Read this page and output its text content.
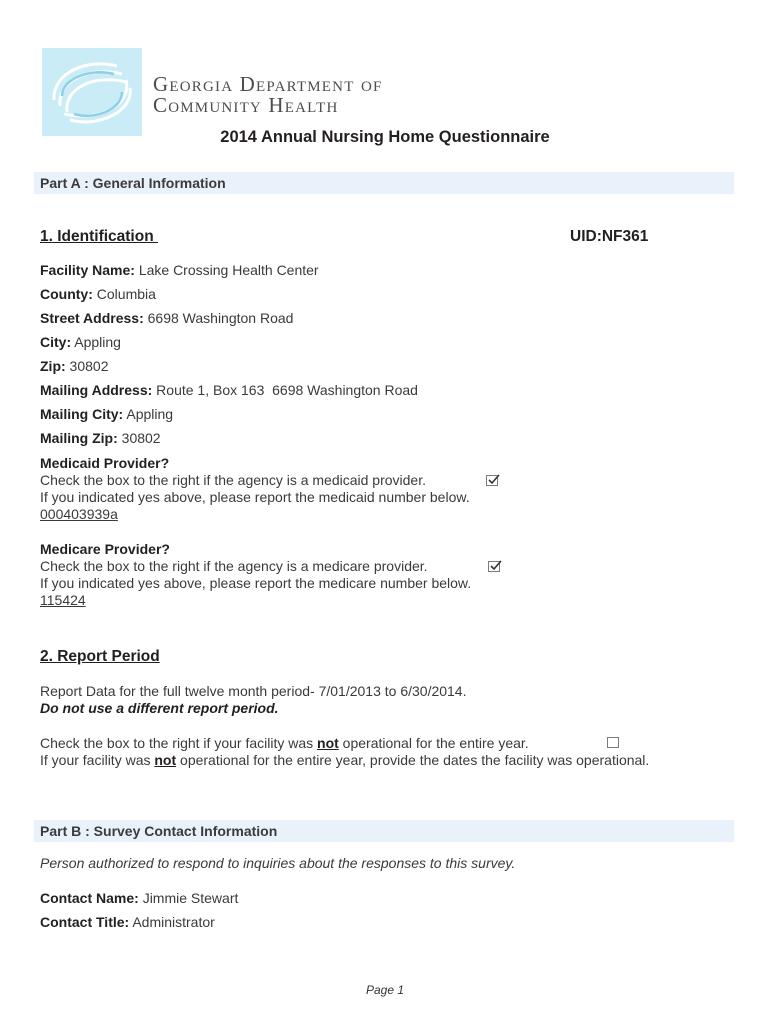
Georgia Department of
Community Health
2014 Annual Nursing Home Questionnaire
Part A : General Information
1. Identification	UID:NF361
Facility Name: Lake Crossing Health Center
County: Columbia
Street Address: 6698 Washington Road
City: Appling
Zip: 30802
Mailing Address: Route 1, Box 163  6698 Washington Road
Mailing City: Appling
Mailing Zip: 30802
Medicaid Provider?
Check the box to the right if the agency is a medicaid provider.
If you indicated yes above, please report the medicaid number below.
000403939a
Medicare Provider?
Check the box to the right if the agency is a medicare provider.
If you indicated yes above, please report the medicare number below.
115424
2. Report Period
Report Data for the full twelve month period- 7/01/2013 to 6/30/2014.
Do not use a different report period.
Check the box to the right if your facility was not operational for the entire year.
If your facility was not operational for the entire year, provide the dates the facility was operational.
Part B : Survey Contact Information
Person authorized to respond to inquiries about the responses to this survey.
Contact Name: Jimmie Stewart
Contact Title: Administrator
Page 1
